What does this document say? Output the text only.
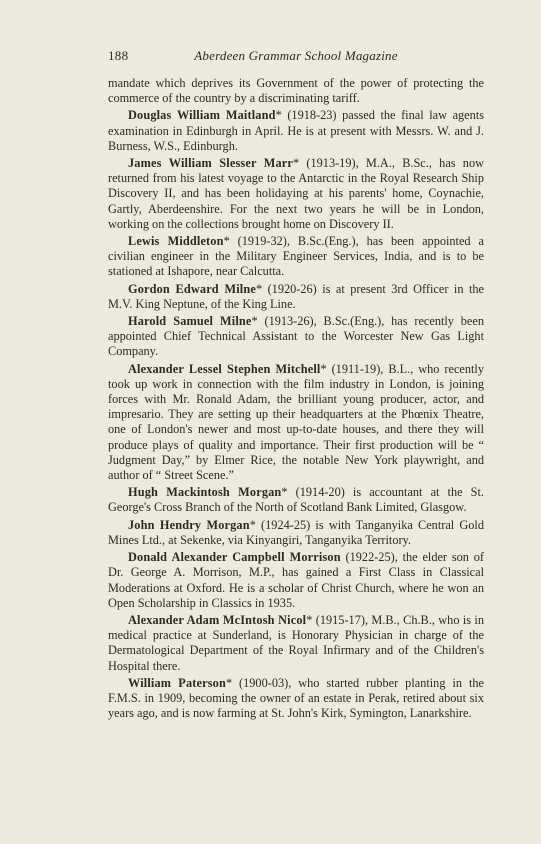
188	Aberdeen Grammar School Magazine

mandate which deprives its Government of the power of protecting the commerce of the country by a discriminating tariff.

Douglas William Maitland* (1918-23) passed the final law agents examination in Edinburgh in April. He is at present with Messrs. W. and J. Burness, W.S., Edinburgh.

James William Slesser Marr* (1913-19), M.A., B.Sc., has now returned from his latest voyage to the Antarctic in the Royal Research Ship Discovery II, and has been holidaying at his parents' home, Coynachie, Gartly, Aberdeenshire. For the next two years he will be in London, working on the collections brought home on Discovery II.

Lewis Middleton* (1919-32), B.Sc.(Eng.), has been appointed a civilian engineer in the Military Engineer Services, India, and is to be stationed at Ishapore, near Calcutta.

Gordon Edward Milne* (1920-26) is at present 3rd Officer in the M.V. King Neptune, of the King Line.

Harold Samuel Milne* (1913-26), B.Sc.(Eng.), has recently been appointed Chief Technical Assistant to the Worcester New Gas Light Company.

Alexander Lessel Stephen Mitchell* (1911-19), B.L., who recently took up work in connection with the film industry in London, is joining forces with Mr. Ronald Adam, the brilliant young producer, actor, and impresario. They are setting up their headquarters at the Phœnix Theatre, one of London's newer and most up-to-date houses, and there they will produce plays of quality and importance. Their first production will be “ Judgment Day,” by Elmer Rice, the notable New York playwright, and author of “ Street Scene.”

Hugh Mackintosh Morgan* (1914-20) is accountant at the St. George's Cross Branch of the North of Scotland Bank Limited, Glasgow.

John Hendry Morgan* (1924-25) is with Tanganyika Central Gold Mines Ltd., at Sekenke, via Kinyangiri, Tanganyika Territory.

Donald Alexander Campbell Morrison (1922-25), the elder son of Dr. George A. Morrison, M.P., has gained a First Class in Classical Moderations at Oxford. He is a scholar of Christ Church, where he won an Open Scholarship in Classics in 1935.

Alexander Adam McIntosh Nicol* (1915-17), M.B., Ch.B., who is in medical practice at Sunderland, is Honorary Physician in charge of the Dermatological Department of the Royal Infirmary and of the Children's Hospital there.

William Paterson* (1900-03), who started rubber planting in the F.M.S. in 1909, becoming the owner of an estate in Perak, retired about six years ago, and is now farming at St. John's Kirk, Symington, Lanarkshire.
